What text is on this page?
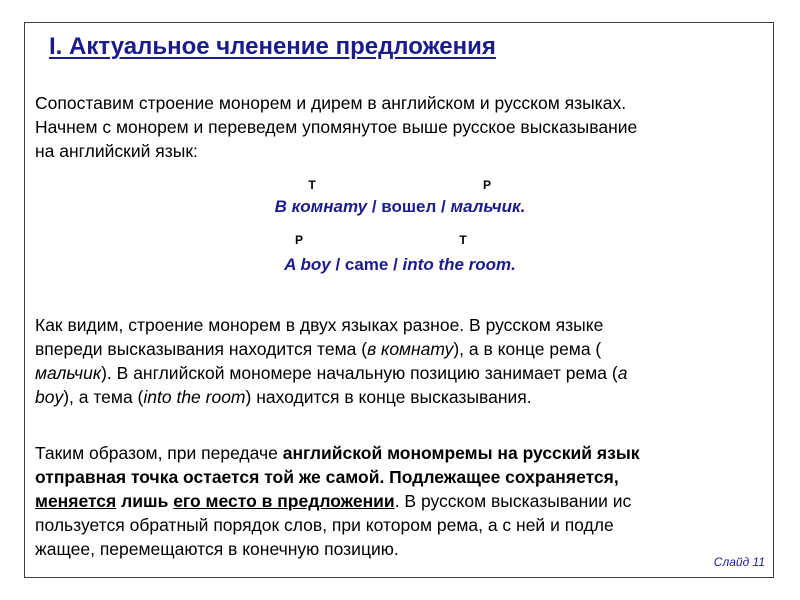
I. Актуальное членение предложения
Сопоставим строение монорем и дирем в английском и русском языках.
Начнем с монорем и переведем упомянутое выше русское высказывание
на английский язык:
Т	Р
В комнату / вошел / мальчик.
Р	Т
A boy / came / into the room.
Как видим, строение монорем в двух языках разное. В русском языке
впереди высказывания находится тема (в комнату), а в конце рема (
мальчик). В английской мономере начальную позицию занимает рема (a
boy), а тема (into the room) находится в конце высказывания.
Таким образом, при передаче английской мономремы на русский язык
отправная точка остается той же самой. Подлежащее сохраняется,
меняется лишь его место в предложении. В русском высказывании ис
пользуется обратный порядок слов, при котором рема, а с ней и подле
жащее, перемещаются в конечную позицию.
Слайд 11
